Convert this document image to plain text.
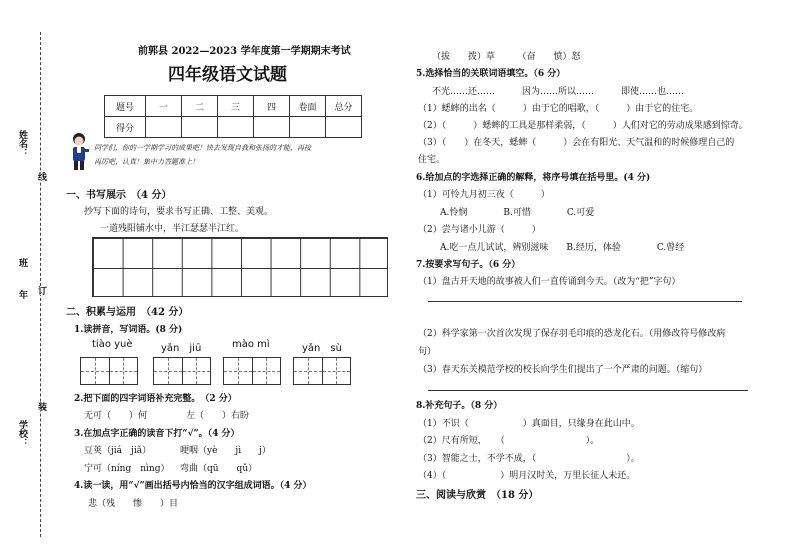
姓名：
班
年
学校：
线
订
装
前郭县 2022—2023 学年度第一学期期末考试
四年级语文试题
题号	一	二	三	四	卷面	总分
得分						
同学们，你的一学期学习的成果吧！快去发现自我和张扬的才能，再接
再厉吧，认真！集中力答题准上！
一、书写展示　（4 分）
抄写下面的诗句，要求书写正确、工整、美观。
一道残阳铺水中，半江瑟瑟半江红。
二、积累与运用　（42 分）
1.读拼音，写词语。(8 分)
tiào yuè	yǎn　jiū	mào mì	yǎn　sù
2.把下面的四字词语补充完整。　（2 分）
无可（　　）何	左（　　）右盼
3.在加点字正确的读音下打“√”。（4 分）
豆荚（jiá　jiǎ）	哽咽（yè　　jì　　j）
宁可（níng　nìng） 弯曲（qū　　qǔ）
4.读一读，用“√”画出括号内恰当的汉字组成词语。（4 分）
悲（残　　惨　　）目
（拔　　拨）草　　　（奋　　愤）怒
5.选择恰当的关联词语填空。（6 分）
不光……还……　　　因为……所以……　　　即使……也……
（1）蟋蟀的出名（　　　）由于它的唱歌，（　　　）由于它的住宅。
（2）（　　　）蟋蟀的工具是那样柔弱，（　　　）人们对它的劳动成果感到惊奇。
（3）（　　）在冬天，蟋蟀（　　　）会在有阳光、天气温和的时候修理自己的
住宅。
6.给加点的字选择正确的解释，将序号填在括号里。(4 分)
（1）可怜九月初三夜（　　　）
A.怜悯　　　　B.可惜　　　　C.可爱
（2）尝与诸小儿游（　　　）
A.吃一点儿试试，辨别滋味　　B.经历，体验　　　　C.曾经
7.按要求写句子。（6 分）
（1）盘古开天地的故事被人们一直传诵到今天。（改为“把”字句）
（2）科学家第一次首次发现了保存羽毛印痕的恐龙化石。（用修改符号修改病
句）
（3）春天东关模范学校的校长向学生们提出了一个严肃的问题。（缩句）
8.补充句子。（8 分）
（1）不识（　　　　　　）真面目，只缘身在此山中。
（2）尺有所短，　　（　　　　　　　　　）。
（3）智能之士，不学不成，（　　　　　　　　　　）。
（4）（　　　　　　）明月汉时关，万里长征人未还。
三、阅读与欣赏　（18 分）
